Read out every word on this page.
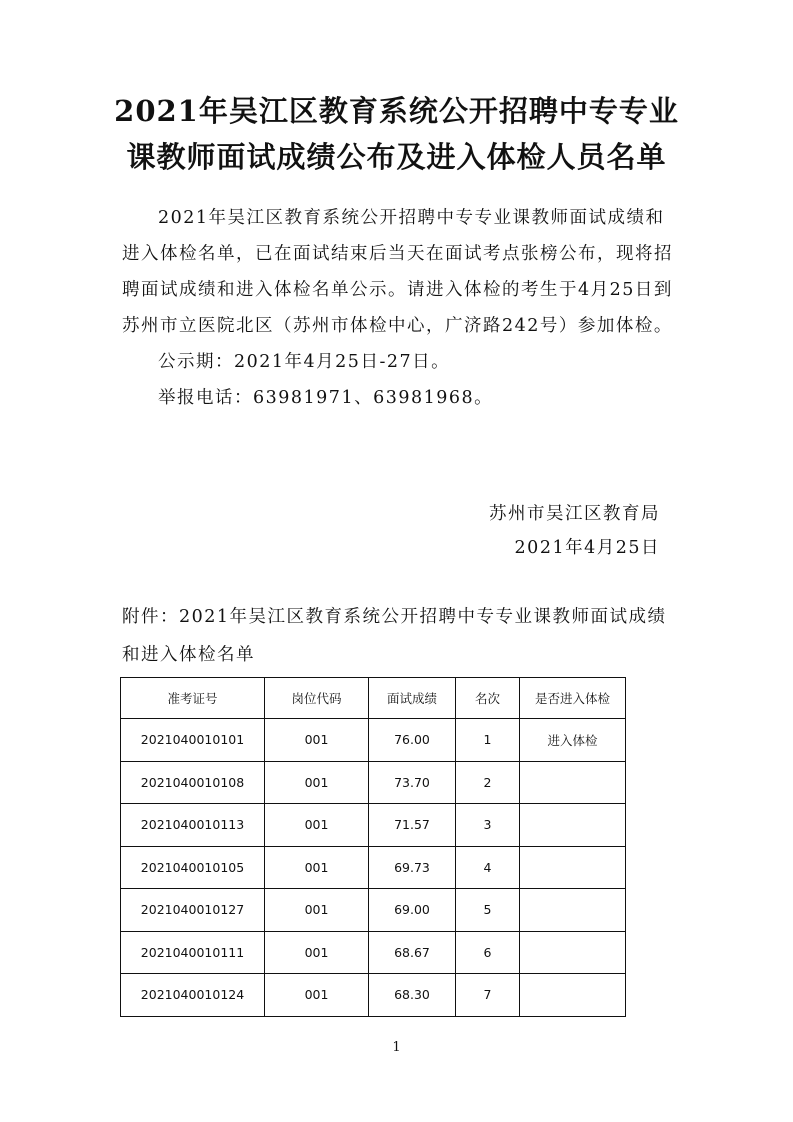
2021年吴江区教育系统公开招聘中专专业
课教师面试成绩公布及进入体检人员名单

2021年吴江区教育系统公开招聘中专专业课教师面试成绩和进入体检名单，已在面试结束后当天在面试考点张榜公布，现将招聘面试成绩和进入体检名单公示。请进入体检的考生于4月25日到苏州市立医院北区（苏州市体检中心，广济路242号）参加体检。

公示期：2021年4月25日-27日。

举报电话：63981971、63981968。

苏州市吴江区教育局
2021年4月25日
附件：2021年吴江区教育系统公开招聘中专专业课教师面试成绩和进入体检名单
准考证号	岗位代码	面试成绩	名次	是否进入体检
2021040010101	001	76.00	1	进入体检
2021040010108	001	73.70	2	
2021040010113	001	71.57	3	
2021040010105	001	69.73	4	
2021040010127	001	69.00	5	
2021040010111	001	68.67	6	
2021040010124	001	68.30	7	
1
